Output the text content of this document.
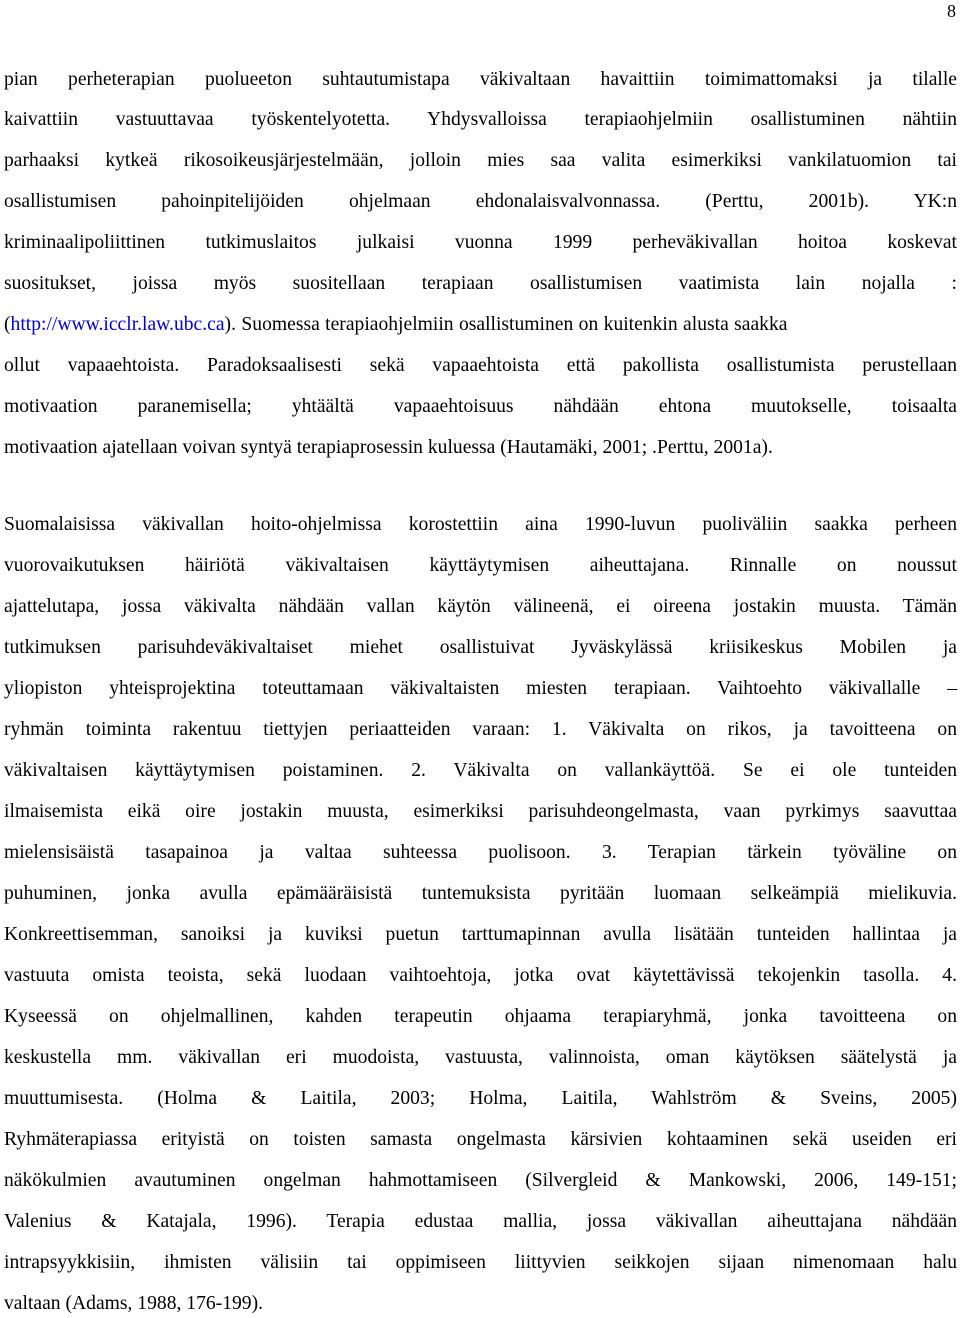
8
pian perheterapian puolueeton suhtautumistapa väkivaltaan havaittiin toimimattomaksi ja tilalle
kaivattiin vastuuttavaa työskentelyotetta. Yhdysvalloissa terapiaohjelmiin osallistuminen nähtiin
parhaaksi kytkeä rikosoikeusjärjestelmään, jolloin mies saa valita esimerkiksi vankilatuomion tai
osallistumisen pahoinpitelijöiden ohjelmaan ehdonalaisvalvonnassa. (Perttu, 2001b). YK:n
kriminaalipoliittinen tutkimuslaitos julkaisi vuonna 1999 perheväkivallan hoitoa koskevat
suositukset, joissa myös suositellaan terapiaan osallistumisen vaatimista lain nojalla :
(http://www.icclr.law.ubc.ca). Suomessa terapiaohjelmiin osallistuminen on kuitenkin alusta saakka
ollut vapaaehtoista. Paradoksaalisesti sekä vapaaehtoista että pakollista osallistumista perustellaan
motivaation paranemisella; yhtäältä vapaaehtoisuus nähdään ehtona muutokselle, toisaalta
motivaation ajatellaan voivan syntyä terapiaprosessin kuluessa (Hautamäki, 2001; .Perttu, 2001a).
Suomalaisissa väkivallan hoito-ohjelmissa korostettiin aina 1990-luvun puoliväliin saakka perheen
vuorovaikutuksen häiriötä väkivaltaisen käyttäytymisen aiheuttajana. Rinnalle on noussut
ajattelutapa, jossa väkivalta nähdään vallan käytön välineenä, ei oireena jostakin muusta. Tämän
tutkimuksen parisuhdeväkivaltaiset miehet osallistuivat Jyväskylässä kriisikeskus Mobilen ja
yliopiston yhteisprojektina toteuttamaan väkivaltaisten miesten terapiaan. Vaihtoehto väkivallalle –
ryhmän toiminta rakentuu tiettyjen periaatteiden varaan: 1. Väkivalta on rikos, ja tavoitteena on
väkivaltaisen käyttäytymisen poistaminen. 2. Väkivalta on vallankäyttöä. Se ei ole tunteiden
ilmaisemista eikä oire jostakin muusta, esimerkiksi parisuhdeongelmasta, vaan pyrkimys saavuttaa
mielensisäistä tasapainoa ja valtaa suhteessa puolisoon. 3. Terapian tärkein työväline on
puhuminen, jonka avulla epämääräisistä tuntemuksista pyritään luomaan selkeämpiä mielikuvia.
Konkreettisemman, sanoiksi ja kuviksi puetun tarttumapinnan avulla lisätään tunteiden hallintaa ja
vastuuta omista teoista, sekä luodaan vaihtoehtoja, jotka ovat käytettävissä tekojenkin tasolla. 4.
Kyseessä on ohjelmallinen, kahden terapeutin ohjaama terapiaryhmä, jonka tavoitteena on
keskustella mm. väkivallan eri muodoista, vastuusta, valinnoista, oman käytöksen säätelystä ja
muuttumisesta. (Holma & Laitila, 2003; Holma, Laitila, Wahlström & Sveins, 2005)
Ryhmäterapiassa erityistä on toisten samasta ongelmasta kärsivien kohtaaminen sekä useiden eri
näkökulmien avautuminen ongelman hahmottamiseen (Silvergleid & Mankowski, 2006, 149-151;
Valenius & Katajala, 1996). Terapia edustaa mallia, jossa väkivallan aiheuttajana nähdään
intrapsyykkisiin, ihmisten välisiin tai oppimiseen liittyvien seikkojen sijaan nimenomaan halu
valtaan (Adams, 1988, 176-199).
